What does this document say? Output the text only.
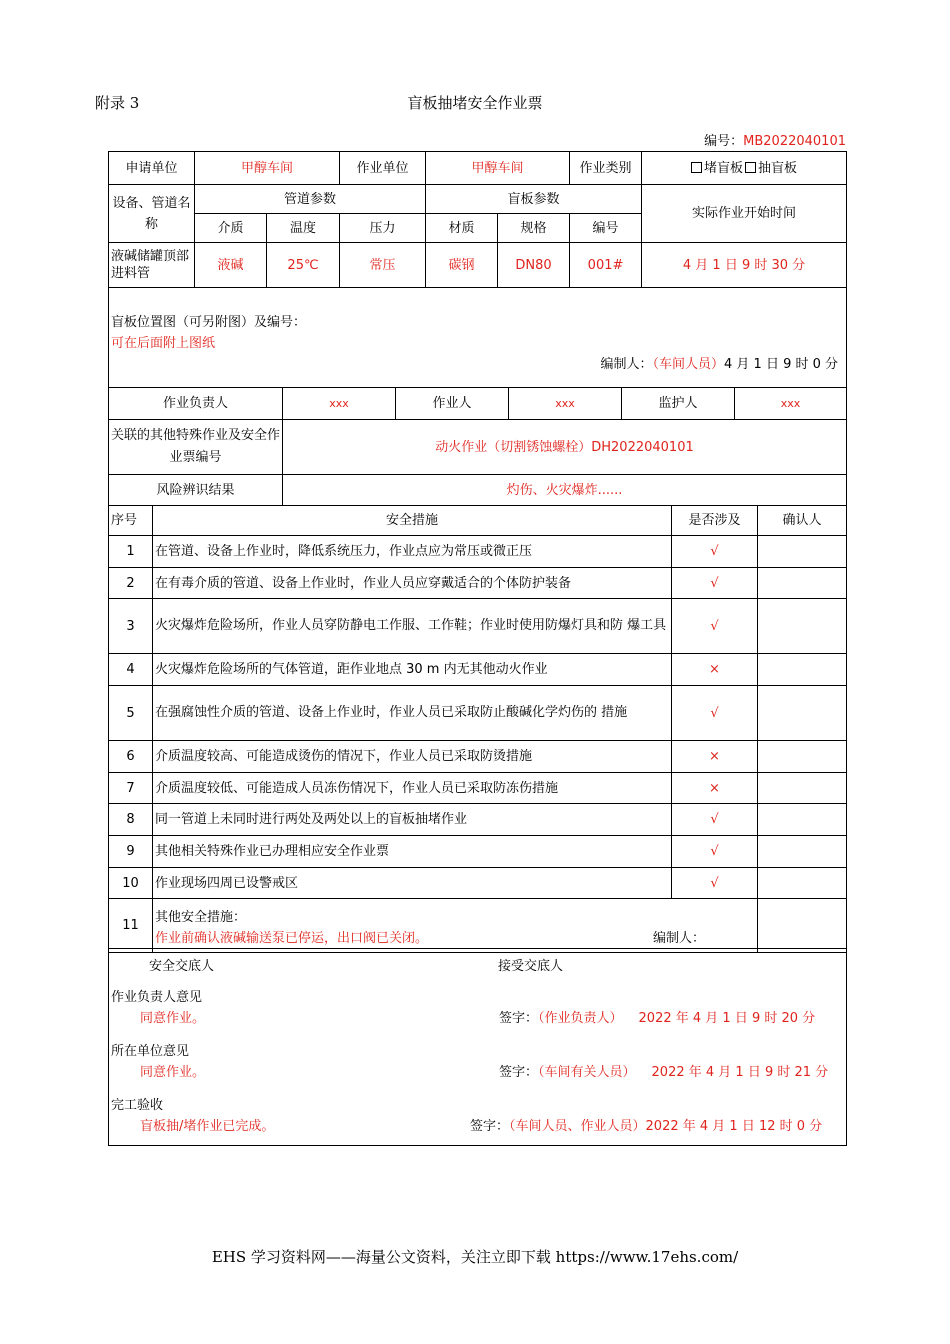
附录 3	盲板抽堵安全作业票
编号：MB2022040101
申请单位	甲醇车间		作业单位	甲醇车间		作业类别	堵盲板 抽盲板
设备、管道名称	管道参数			盲板参数			实际作业开始时间
	介质	温度	压力	材质	规格	编号	
液碱储罐顶部进料管	液碱	25℃	常压	碳钢	DN80	001#	4 月 1 日 9 时 30 分

盲板位置图（可另附图）及编号：
可在后面附上图纸
编制人：（车间人员）4 月 1 日 9 时 0 分							
作业负责人	xxx	作业人	xxx	监护人	xxx
关联的其他特殊作业及安全作业票编号	动火作业（切割锈蚀螺栓）DH2022040101				
风险辨识结果	灼伤、火灾爆炸......				
序号	安全措施	是否涉及	确认人
1	在管道、设备上作业时，降低系统压力，作业点应为常压或微正压	√	
2	在有毒介质的管道、设备上作业时，作业人员应穿戴适合的个体防护装备	√	
3	火灾爆炸危险场所，作业人员穿防静电工作服、工作鞋；作业时使用防爆灯具和防 爆工具	√	
4	火灾爆炸危险场所的气体管道，距作业地点 30 m 内无其他动火作业	×	
5	在强腐蚀性介质的管道、设备上作业时，作业人员已采取防止酸碱化学灼伤的 措施	√	
6	介质温度较高、可能造成烫伤的情况下，作业人员已采取防烫措施	×	
7	介质温度较低、可能造成人员冻伤情况下，作业人员已采取防冻伤措施	×	
8	同一管道上未同时进行两处及两处以上的盲板抽堵作业	√	
9	其他相关特殊作业已办理相应安全作业票	√	
10	作业现场四周已设警戒区	√	
11	其他安全措施：
作业前确认液碱输送泵已停运，出口阀已关闭。 编制人：		

安全交底人	接受交底人

作业负责人意见
同意作业。	签字：（作业负责人） 2022 年 4 月 1 日 9 时 20 分

所在单位意见
同意作业。	签字：（车间有关人员） 2022 年 4 月 1 日 9 时 21 分

完工验收
盲板抽/堵作业已完成。	签字：（车间人员、作业人员）2022 年 4 月 1 日 12 时 0 分
EHS 学习资料网——海量公文资料，关注立即下载 https://www.17ehs.com/
